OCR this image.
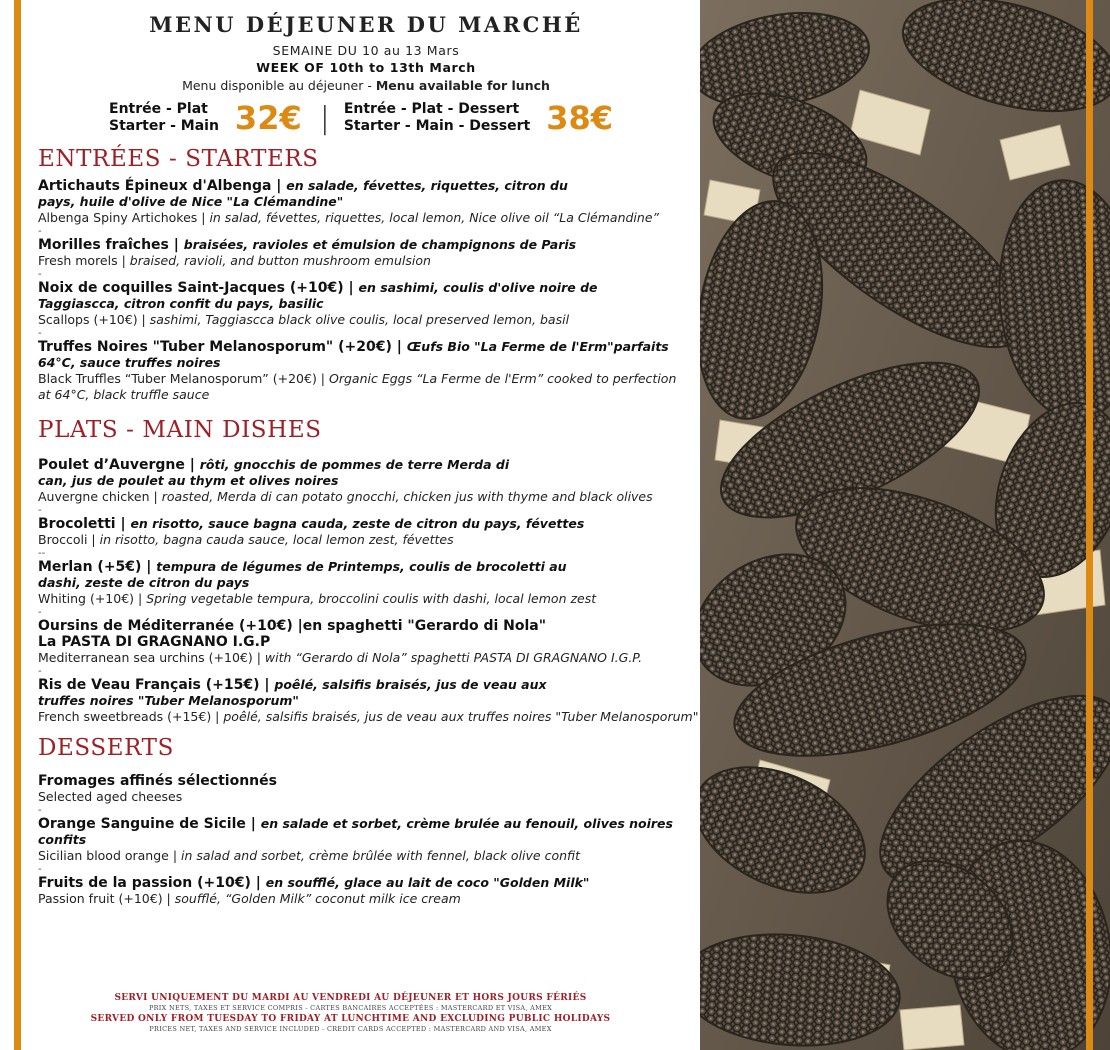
MENU DÉJEUNER DU MARCHÉ
SEMAINE DU 10 au 13 Mars
WEEK OF 10th to 13th March
Menu disponible au déjeuner - Menu available for lunch
Entrée - Plat
Starter - Main 32€ | Entrée - Plat - Dessert
Starter - Main - Dessert 38€
ENTRÉES - STARTERS
Artichauts Épineux d'Albenga | en salade, févettes, riquettes, citron du pays, huile d'olive de Nice "La Clémandine"
Albenga Spiny Artichokes | in salad, févettes, riquettes, local lemon, Nice olive oil “La Clémandine”
-
Morilles fraîches | braisées, ravioles et émulsion de champignons de Paris
Fresh morels | braised, ravioli, and button mushroom emulsion
-
Noix de coquilles Saint-Jacques (+10€) | en sashimi, coulis d'olive noire de Taggiascca, citron confit du pays, basilic
Scallops (+10€) | sashimi, Taggiascca black olive coulis, local preserved lemon, basil
-
Truffes Noires "Tuber Melanosporum" (+20€) | Œufs Bio "La Ferme de l'Erm"parfaits 64°C, sauce truffes noires
Black Truffles “Tuber Melanosporum” (+20€) | Organic Eggs “La Ferme de l'Erm” cooked to perfection at 64°C, black truffle sauce
PLATS - MAIN DISHES
Poulet d’Auvergne | rôti, gnocchis de pommes de terre Merda di can, jus de poulet au thym et olives noires
Auvergne chicken | roasted, Merda di can potato gnocchi, chicken jus with thyme and black olives
-
Brocoletti | en risotto, sauce bagna cauda, zeste de citron du pays, févettes
Broccoli | in risotto, bagna cauda sauce, local lemon zest, févettes
--
Merlan (+5€) | tempura de légumes de Printemps, coulis de brocoletti au dashi, zeste de citron du pays
Whiting (+10€) | Spring vegetable tempura, broccolini coulis with dashi, local lemon zest
-
Oursins de Méditerranée (+10€) |en spaghetti "Gerardo di Nola"
La PASTA DI GRAGNANO I.G.P
Mediterranean sea urchins (+10€) | with “Gerardo di Nola” spaghetti PASTA DI GRAGNANO I.G.P.
-
Ris de Veau Français (+15€) | poêlé, salsifis braisés, jus de veau aux truffes noires "Tuber Melanosporum"
French sweetbreads (+15€) | poêlé, salsifis braisés, jus de veau aux truffes noires "Tuber Melanosporum"
DESSERTS
Fromages affinés sélectionnés
Selected aged cheeses
-
Orange Sanguine de Sicile | en salade et sorbet, crème brulée au fenouil, olives noires confits
Sicilian blood orange | in salad and sorbet, crème brûlée with fennel, black olive confit
-
Fruits de la passion (+10€) | en soufflé, glace au lait de coco "Golden Milk"
Passion fruit (+10€) | soufflé, “Golden Milk” coconut milk ice cream
SERVI UNIQUEMENT DU MARDI AU VENDREDI AU DÉJEUNER ET HORS JOURS FÉRIÉS
PRIX NETS, TAXES ET SERVICE COMPRIS - CARTES BANCAIRES ACCEPTÉES : MASTERCARD ET VISA, AMEX
SERVED ONLY FROM TUESDAY TO FRIDAY AT LUNCHTIME AND EXCLUDING PUBLIC HOLIDAYS
PRICES NET, TAXES AND SERVICE INCLUDED - CREDIT CARDS ACCEPTED : MASTERCARD AND VISA, AMEX
